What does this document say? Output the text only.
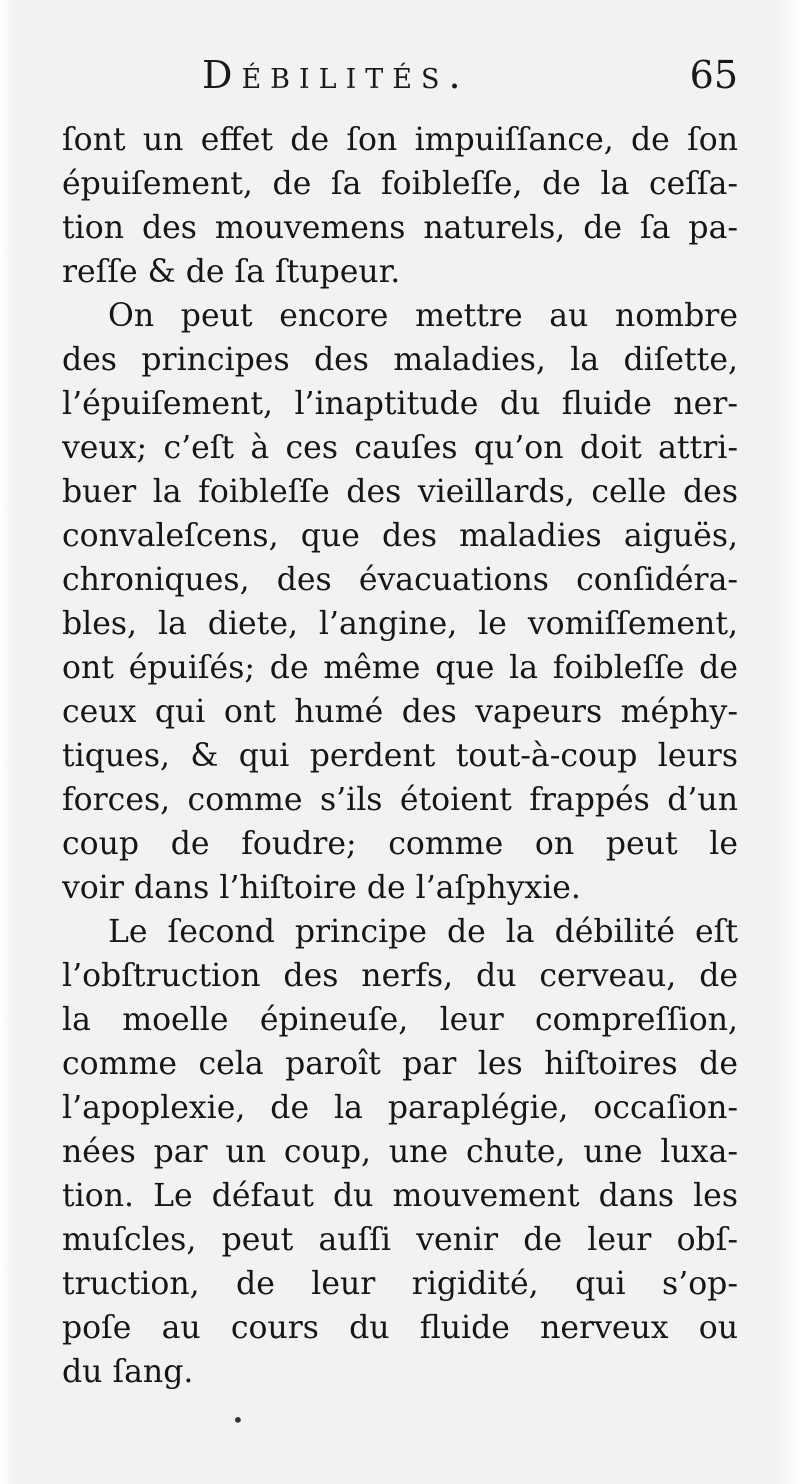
Débilités.	65
ſont un effet de ſon impuiſſance, de ſon
épuiſement, de ſa foibleſſe, de la ceſſa-
tion des mouvemens naturels, de ſa pa-
reſſe & de ſa ſtupeur.
On peut encore mettre au nombre
des principes des maladies, la diſette,
l’épuiſement, l’inaptitude du fluide ner-
veux; c’eſt à ces cauſes qu’on doit attri-
buer la foibleſſe des vieillards, celle des
convaleſcens, que des maladies aiguës,
chroniques, des évacuations conſidéra-
bles, la diete, l’angine, le vomiſſement,
ont épuiſés; de même que la foibleſſe de
ceux qui ont humé des vapeurs méphy-
tiques, & qui perdent tout-à-coup leurs
forces, comme s’ils étoient frappés d’un
coup de foudre; comme on peut le
voir dans l’hiſtoire de l’aſphyxie.
Le ſecond principe de la débilité eſt
l’obſtruction des nerfs, du cerveau, de
la moelle épineuſe, leur compreſſion,
comme cela paroît par les hiſtoires de
l’apoplexie, de la paraplégie, occaſion-
nées par un coup, une chute, une luxa-
tion. Le défaut du mouvement dans les
muſcles, peut auſſi venir de leur obſ-
truction, de leur rigidité, qui s’op-
poſe au cours du fluide nerveux ou
du ſang.
•
